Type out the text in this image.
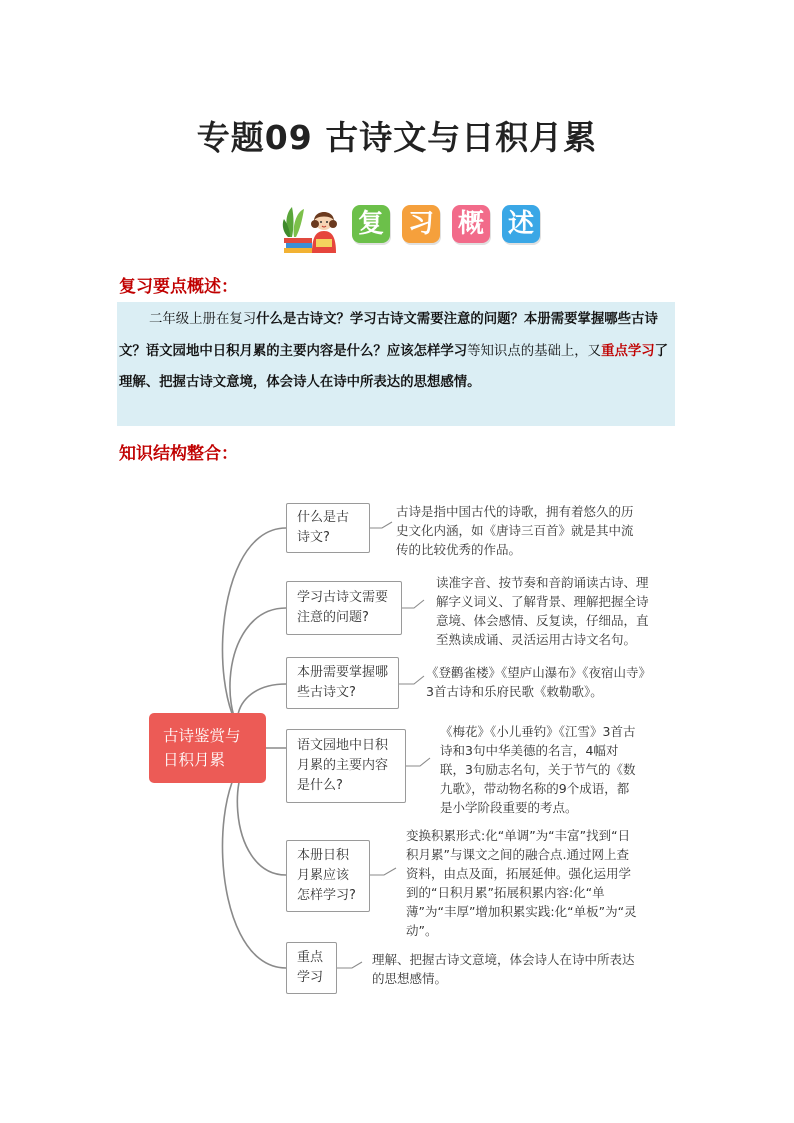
专题09 古诗文与日积月累
复 习 概 述
复习要点概述：
二年级上册在复习什么是古诗文？学习古诗文需要注意的问题？本册需要掌握哪些古诗文？语文园地中日积月累的主要内容是什么？应该怎样学习等知识点的基础上，又重点学习了理解、把握古诗文意境，体会诗人在诗中所表达的思想感情。
知识结构整合：
古诗鉴赏与日积月累
什么是古诗文?
学习古诗文需要注意的问题?
本册需要掌握哪些古诗文?
语文园地中日积月累的主要内容是什么?
本册日积月累应该怎样学习?
重点学习
古诗是指中国古代的诗歌，拥有着悠久的历史文化内涵，如《唐诗三百首》就是其中流传的比较优秀的作品。
读准字音、按节奏和音韵诵读古诗、理解字义词义、了解背景、理解把握全诗意境、体会感情、反复读，仔细品，直至熟读成诵、灵活运用古诗文名句。
《登鹳雀楼》《望庐山瀑布》《夜宿山寺》3首古诗和乐府民歌《敕勒歌》。
《梅花》《小儿垂钓》《江雪》3首古诗和3句中华美德的名言，4幅对联，3句励志名句，关于节气的《数九歌》，带动物名称的9个成语，都是小学阶段重要的考点。
变换积累形式:化“单调”为“丰富”找到“日积月累”与课文之间的融合点.通过网上查资料，由点及面，拓展延伸。强化运用学到的“日积月累”拓展积累内容:化“单薄”为“丰厚”增加积累实践:化“单板”为“灵动”。
理解、把握古诗文意境，体会诗人在诗中所表达的思想感情。
